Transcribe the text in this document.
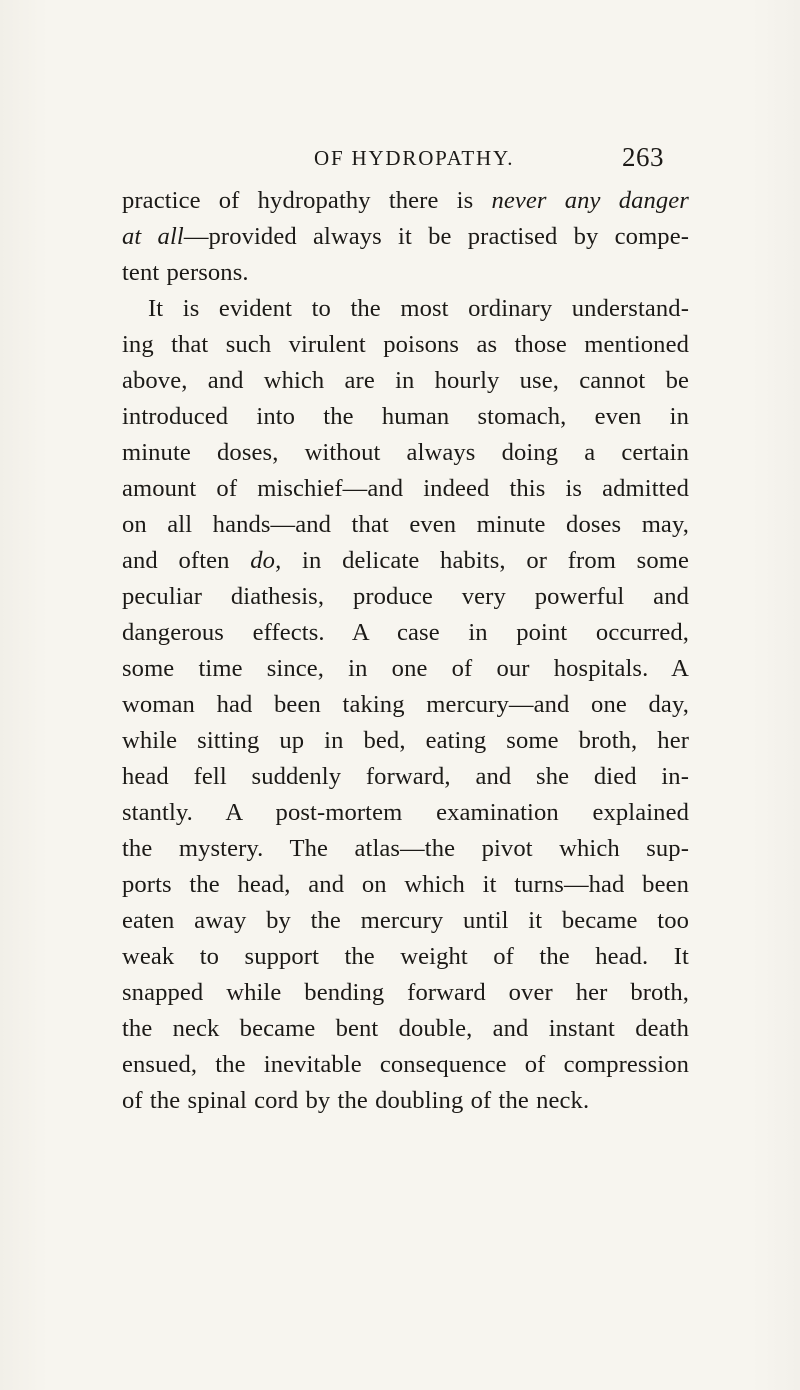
OF HYDROPATHY.	263

practice of hydropathy there is never any danger
at all—provided always it be practised by compe-
tent persons.

It is evident to the most ordinary understand-
ing that such virulent poisons as those mentioned
above, and which are in hourly use, cannot be
introduced into the human stomach, even in
minute doses, without always doing a certain
amount of mischief—and indeed this is admitted
on all hands—and that even minute doses may,
and often do, in delicate habits, or from some
peculiar diathesis, produce very powerful and
dangerous effects. A case in point occurred,
some time since, in one of our hospitals. A
woman had been taking mercury—and one day,
while sitting up in bed, eating some broth, her
head fell suddenly forward, and she died in-
stantly. A post-mortem examination explained
the mystery. The atlas—the pivot which sup-
ports the head, and on which it turns—had been
eaten away by the mercury until it became too
weak to support the weight of the head. It
snapped while bending forward over her broth,
the neck became bent double, and instant death
ensued, the inevitable consequence of compression
of the spinal cord by the doubling of the neck.
